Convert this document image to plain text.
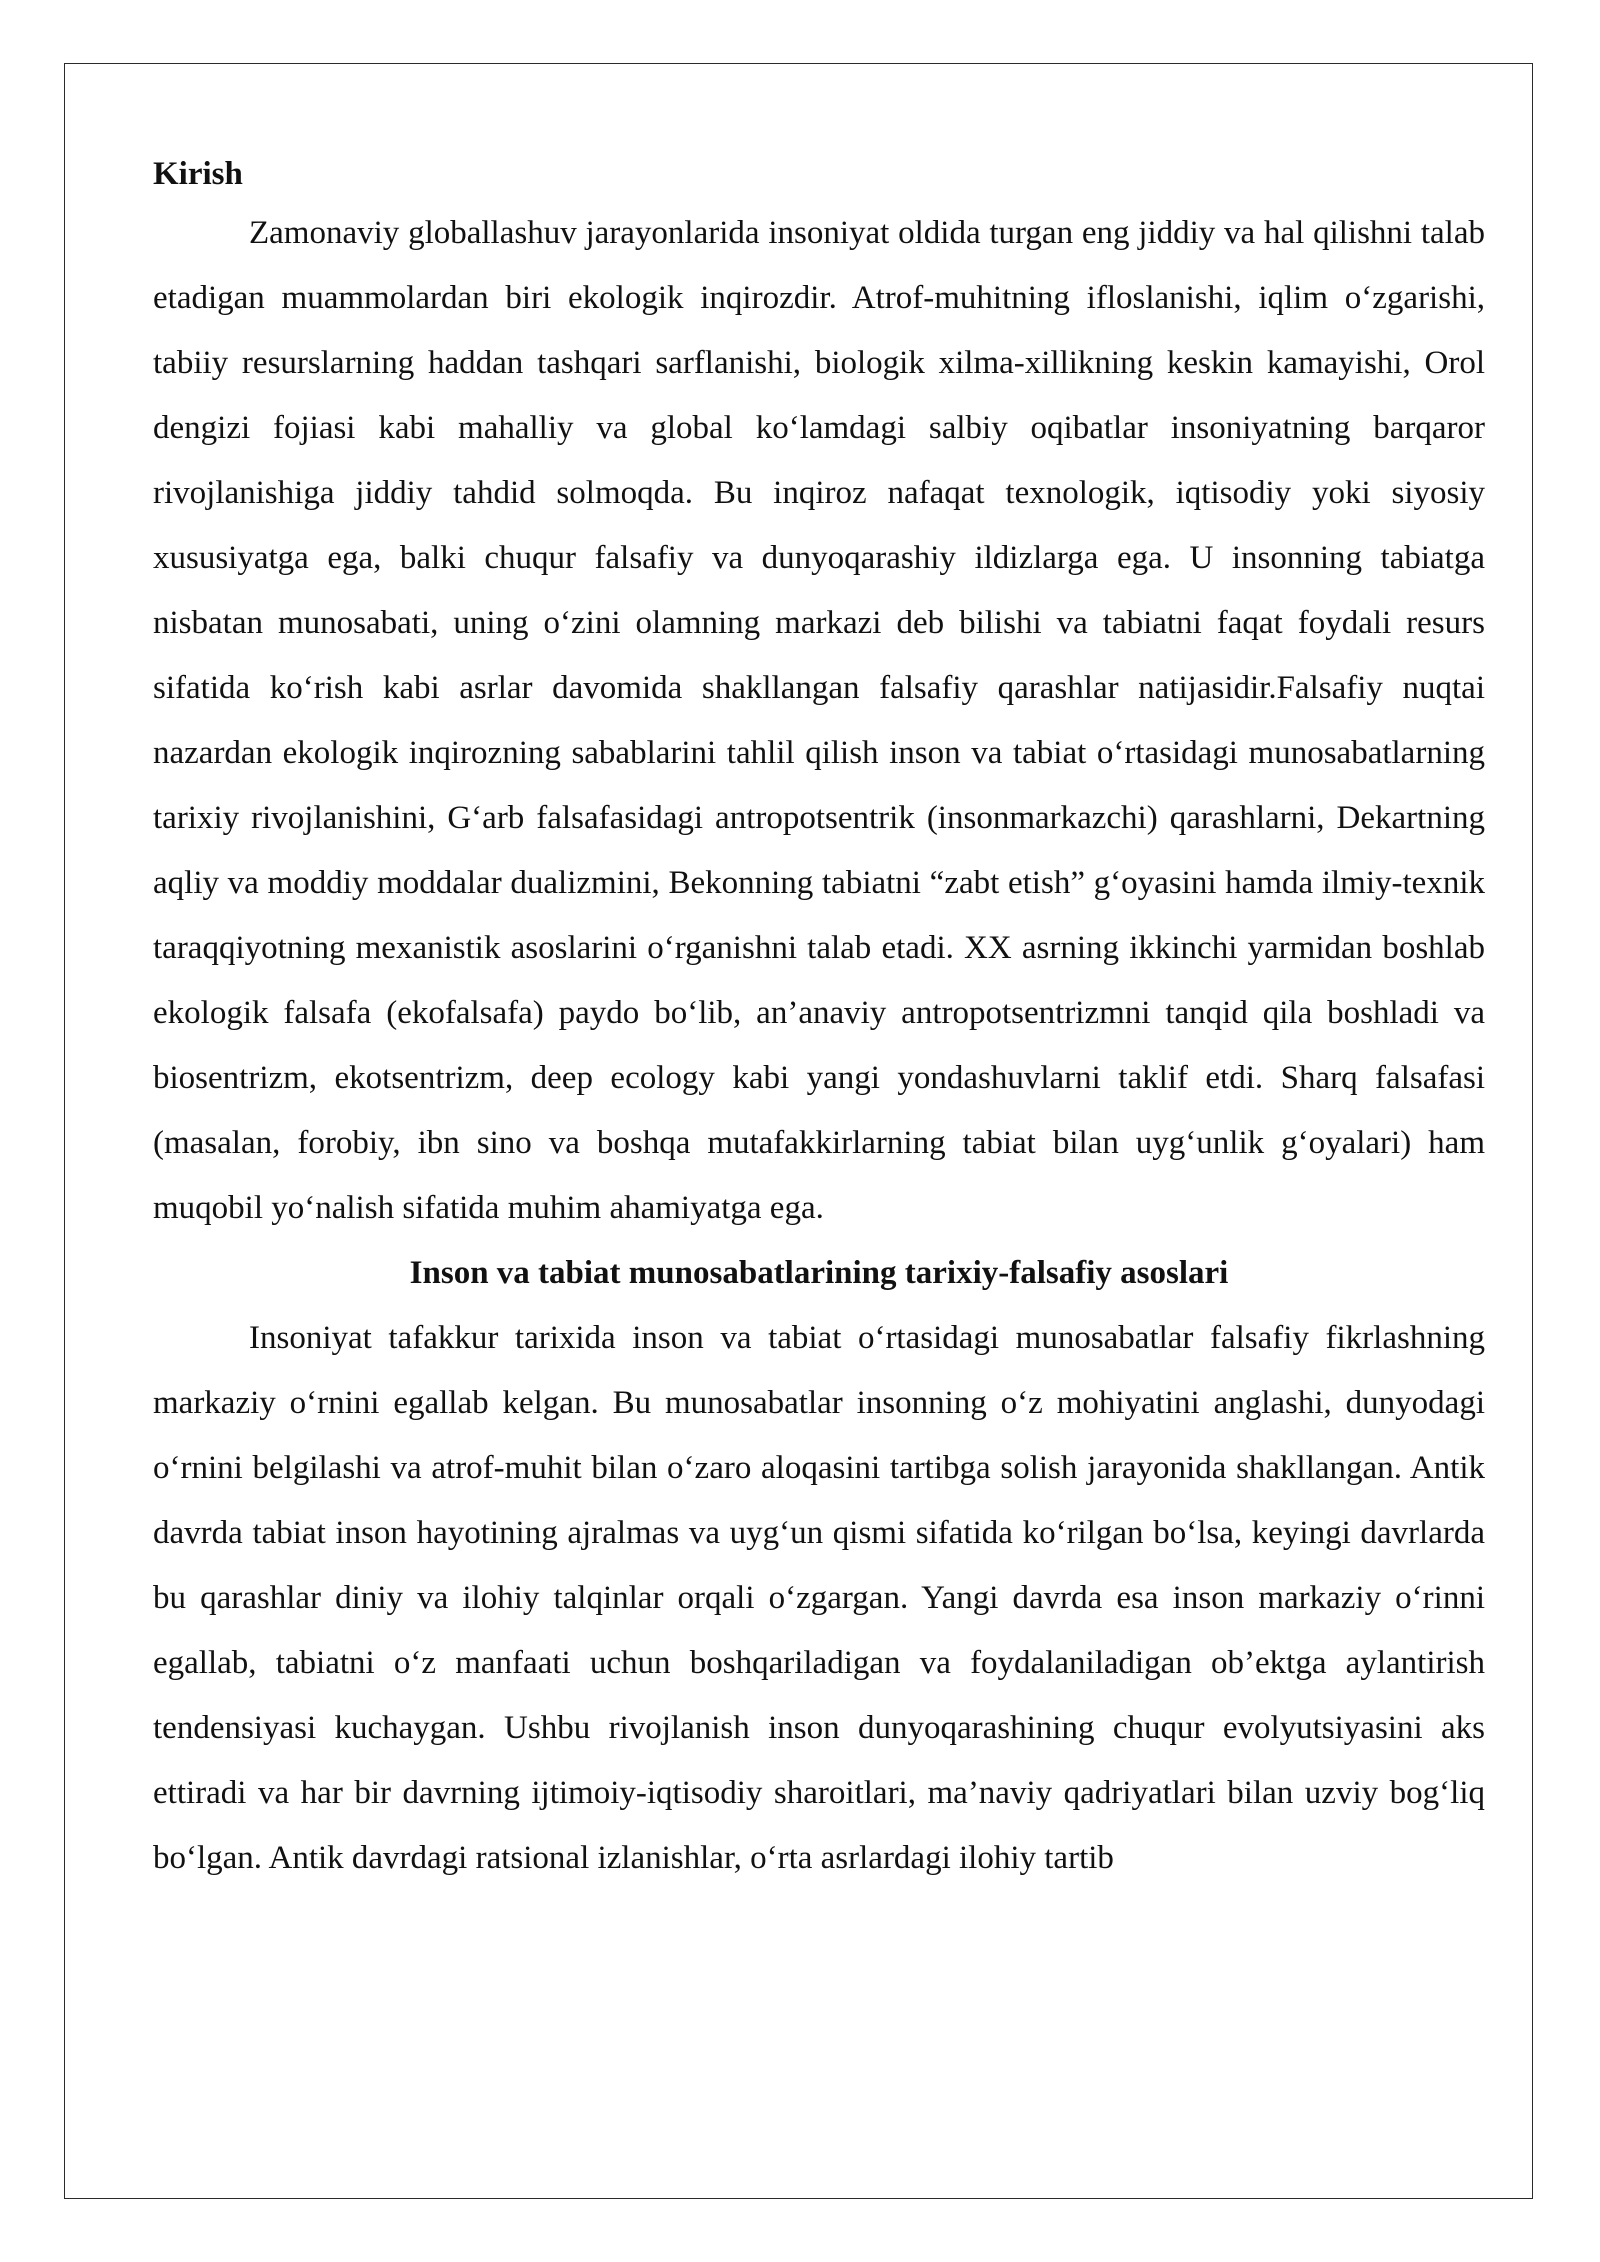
Kirish

Zamonaviy globallashuv jarayonlarida insoniyat oldida turgan eng jiddiy va hal qilishni talab etadigan muammolardan biri ekologik inqirozdir. Atrof-muhitning ifloslanishi, iqlim o‘zgarishi, tabiiy resurslarning haddan tashqari sarflanishi, biologik xilma-xillikning keskin kamayishi, Orol dengizi fojiasi kabi mahalliy va global ko‘lamdagi salbiy oqibatlar insoniyatning barqaror rivojlanishiga jiddiy tahdid solmoqda. Bu inqiroz nafaqat texnologik, iqtisodiy yoki siyosiy xususiyatga ega, balki chuqur falsafiy va dunyoqarashiy ildizlarga ega. U insonning tabiatga nisbatan munosabati, uning o‘zini olamning markazi deb bilishi va tabiatni faqat foydali resurs sifatida ko‘rish kabi asrlar davomida shakllangan falsafiy qarashlar natijasidir.Falsafiy nuqtai nazardan ekologik inqirozning sabablarini tahlil qilish inson va tabiat o‘rtasidagi munosabatlarning tarixiy rivojlanishini, G‘arb falsafasidagi antropotsentrik (insonmarkazchi) qarashlarni, Dekartning aqliy va moddiy moddalar dualizmini, Bekonning tabiatni “zabt etish” g‘oyasini hamda ilmiy-texnik taraqqiyotning mexanistik asoslarini o‘rganishni talab etadi. XX asrning ikkinchi yarmidan boshlab ekologik falsafa (ekofalsafa) paydo bo‘lib, an’anaviy antropotsentrizmni tanqid qila boshladi va biosentrizm, ekotsentrizm, deep ecology kabi yangi yondashuvlarni taklif etdi. Sharq falsafasi (masalan, forobiy, ibn sino va boshqa mutafakkirlarning tabiat bilan uyg‘unlik g‘oyalari) ham muqobil yo‘nalish sifatida muhim ahamiyatga ega.

Inson va tabiat munosabatlarining tarixiy-falsafiy asoslari

Insoniyat tafakkur tarixida inson va tabiat o‘rtasidagi munosabatlar falsafiy fikrlashning markaziy o‘rnini egallab kelgan. Bu munosabatlar insonning o‘z mohiyatini anglashi, dunyodagi o‘rnini belgilashi va atrof-muhit bilan o‘zaro aloqasini tartibga solish jarayonida shakllangan. Antik davrda tabiat inson hayotining ajralmas va uyg‘un qismi sifatida ko‘rilgan bo‘lsa, keyingi davrlarda bu qarashlar diniy va ilohiy talqinlar orqali o‘zgargan. Yangi davrda esa inson markaziy o‘rinni egallab, tabiatni o‘z manfaati uchun boshqariladigan va foydalaniladigan ob’ektga aylantirish tendensiyasi kuchaygan. Ushbu rivojlanish inson dunyoqarashining chuqur evolyutsiyasini aks ettiradi va har bir davrning ijtimoiy-iqtisodiy sharoitlari, ma’naviy qadriyatlari bilan uzviy bog‘liq bo‘lgan. Antik davrdagi ratsional izlanishlar, o‘rta asrlardagi ilohiy tartib
